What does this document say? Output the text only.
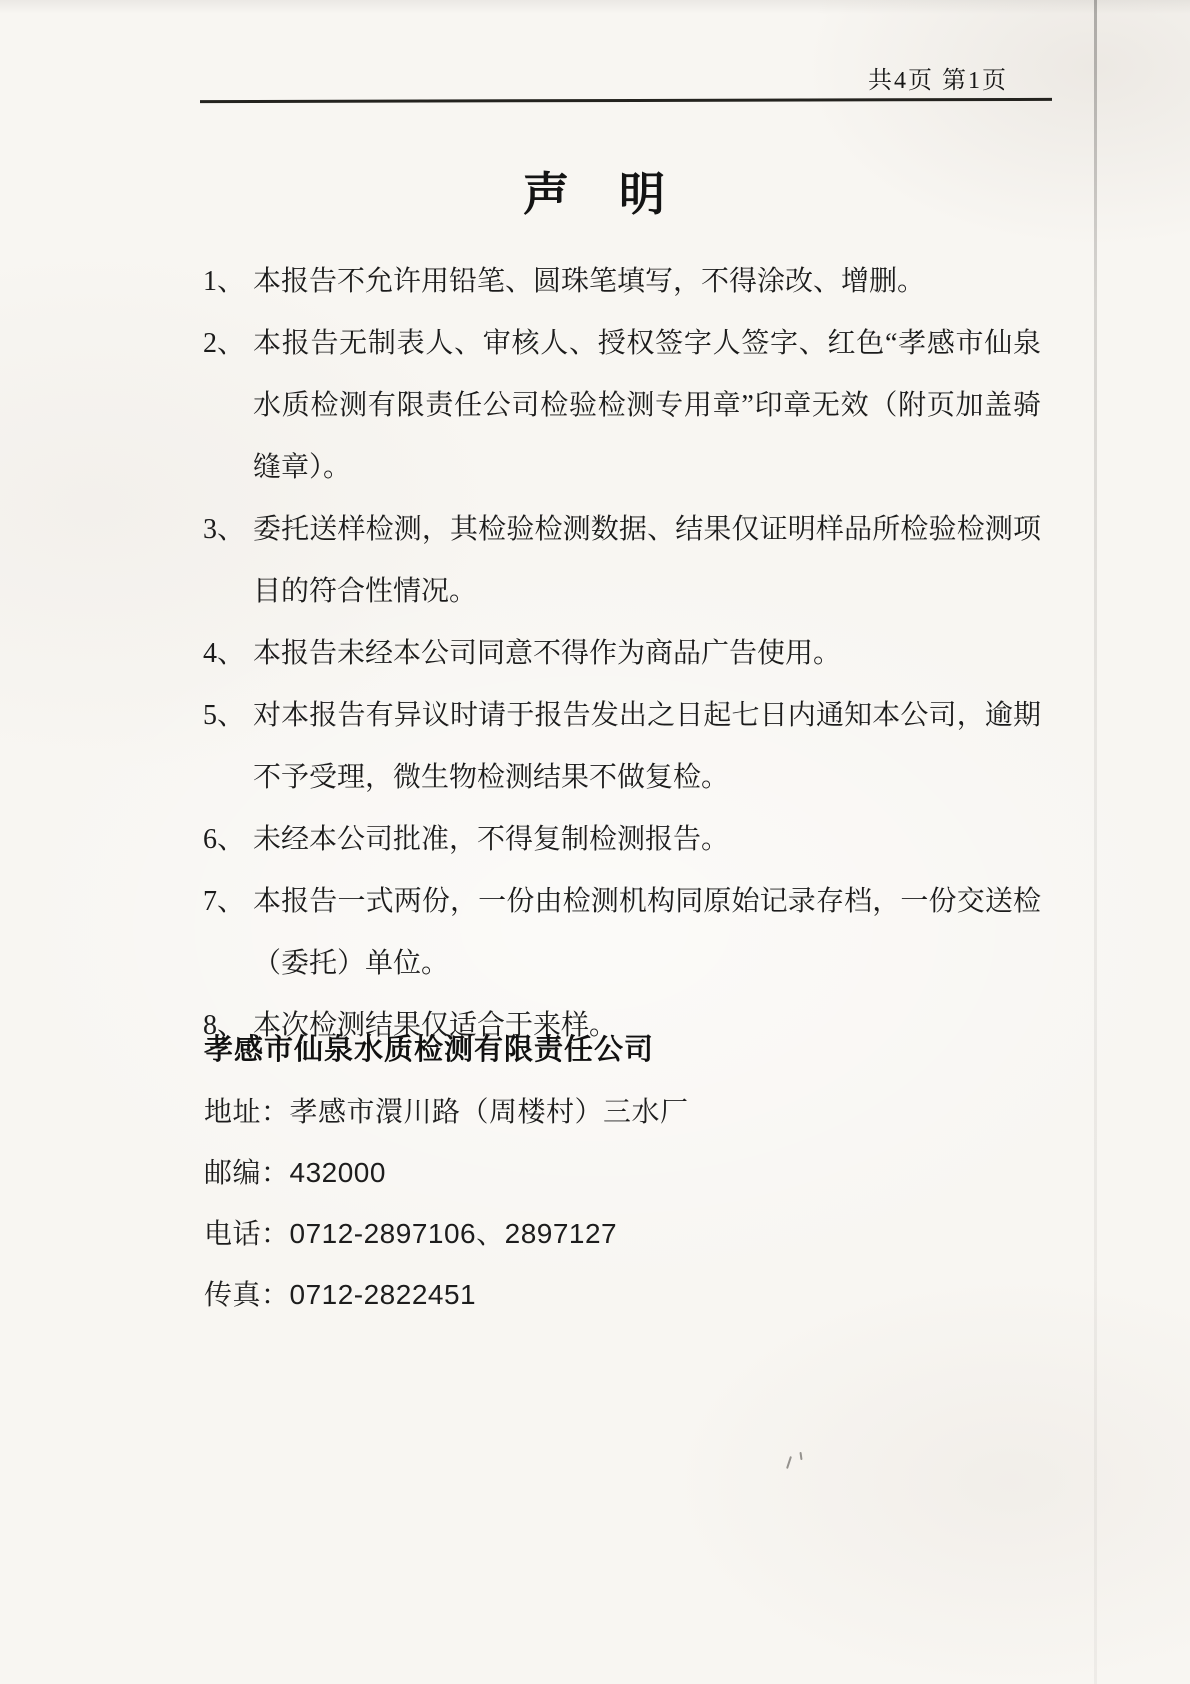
共4页 第1页
声　明
1、 本报告不允许用铅笔、圆珠笔填写，不得涂改、增删。
2、 本报告无制表人、审核人、授权签字人签字、红色“孝感市仙泉水质检测有限责任公司检验检测专用章”印章无效（附页加盖骑缝章）。
3、 委托送样检测，其检验检测数据、结果仅证明样品所检验检测项目的符合性情况。
4、 本报告未经本公司同意不得作为商品广告使用。
5、 对本报告有异议时请于报告发出之日起七日内通知本公司，逾期不予受理，微生物检测结果不做复检。
6、 未经本公司批准，不得复制检测报告。
7、 本报告一式两份，一份由检测机构同原始记录存档，一份交送检（委托）单位。
8、 本次检测结果仅适合于来样。
孝感市仙泉水质检测有限责任公司
地址：孝感市澴川路（周楼村）三水厂
邮编：432000
电话：0712-2897106、2897127
传真：0712-2822451
